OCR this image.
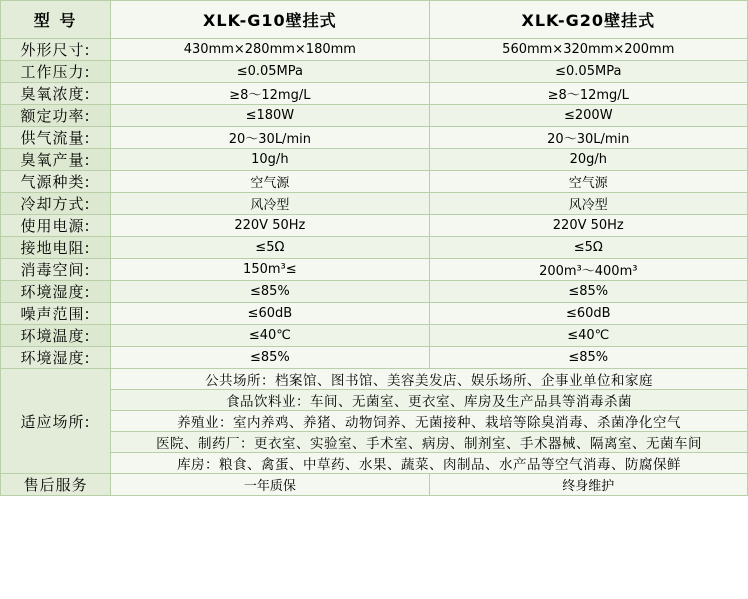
型 号	XLK-G10壁挂式	XLK-G20壁挂式
外形尺寸:	430mm×280mm×180mm	560mm×320mm×200mm
工作压力:	≤0.05MPa	≤0.05MPa
臭氧浓度:	≥8～12mg/L	≥8～12mg/L
额定功率:	≤180W	≤200W
供气流量:	20～30L/min	20～30L/min
臭氧产量:	10g/h	20g/h
气源种类:	空气源	空气源
冷却方式:	风冷型	风冷型
使用电源:	220V 50Hz	220V 50Hz
接地电阻:	≤5Ω	≤5Ω
消毒空间:	150m³≤	200m³～400m³
环境湿度:	≤85%	≤85%
噪声范围:	≤60dB	≤60dB
环境温度:	≤40℃	≤40℃
环境湿度:	≤85%	≤85%
适应场所:	公共场所：档案馆、图书馆、美容美发店、娱乐场所、企事业单位和家庭	
	食品饮料业：车间、无菌室、更衣室、库房及生产品具等消毒杀菌	
	养殖业：室内养鸡、养猪、动物饲养、无菌接种、栽培等除臭消毒、杀菌净化空气	
	医院、制药厂：更衣室、实验室、手术室、病房、制剂室、手术器械、隔离室、无菌车间	
	库房：粮食、禽蛋、中草药、水果、蔬菜、肉制品、水产品等空气消毒、防腐保鲜	
售后服务	一年质保	终身维护
